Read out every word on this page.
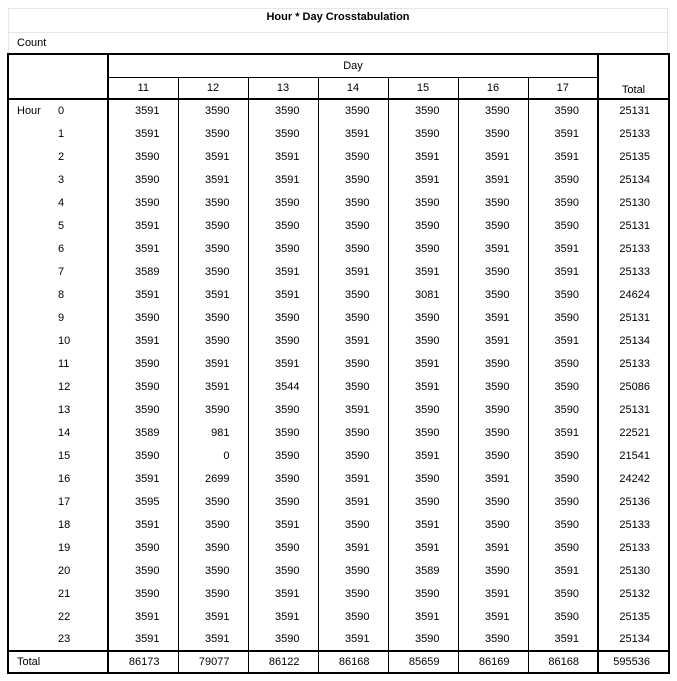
Hour * Day Crosstabulation
Count
		Day							Total
		11	12	13	14	15	16	17	
Hour	0	3591	3590	3590	3590	3590	3590	3590	25131
	1	3591	3590	3590	3591	3590	3590	3591	25133
	2	3590	3591	3591	3590	3591	3591	3591	25135
	3	3590	3591	3591	3590	3591	3591	3590	25134
	4	3590	3590	3590	3590	3590	3590	3590	25130
	5	3591	3590	3590	3590	3590	3590	3590	25131
	6	3591	3590	3590	3590	3590	3591	3591	25133
	7	3589	3590	3591	3591	3591	3590	3591	25133
	8	3591	3591	3591	3590	3081	3590	3590	24624
	9	3590	3590	3590	3590	3590	3591	3590	25131
	10	3591	3590	3590	3591	3590	3591	3591	25134
	11	3590	3591	3591	3590	3591	3590	3590	25133
	12	3590	3591	3544	3590	3591	3590	3590	25086
	13	3590	3590	3590	3591	3590	3590	3590	25131
	14	3589	981	3590	3590	3590	3590	3591	22521
	15	3590	0	3590	3590	3591	3590	3590	21541
	16	3591	2699	3590	3591	3590	3591	3590	24242
	17	3595	3590	3590	3591	3590	3590	3590	25136
	18	3591	3590	3591	3590	3591	3590	3590	25133
	19	3590	3590	3590	3591	3591	3591	3590	25133
	20	3590	3590	3590	3590	3589	3590	3591	25130
	21	3590	3590	3591	3590	3590	3591	3590	25132
	22	3591	3591	3591	3590	3591	3591	3590	25135
	23	3591	3591	3590	3591	3590	3590	3591	25134
Total		86173	79077	86122	86168	85659	86169	86168	595536
